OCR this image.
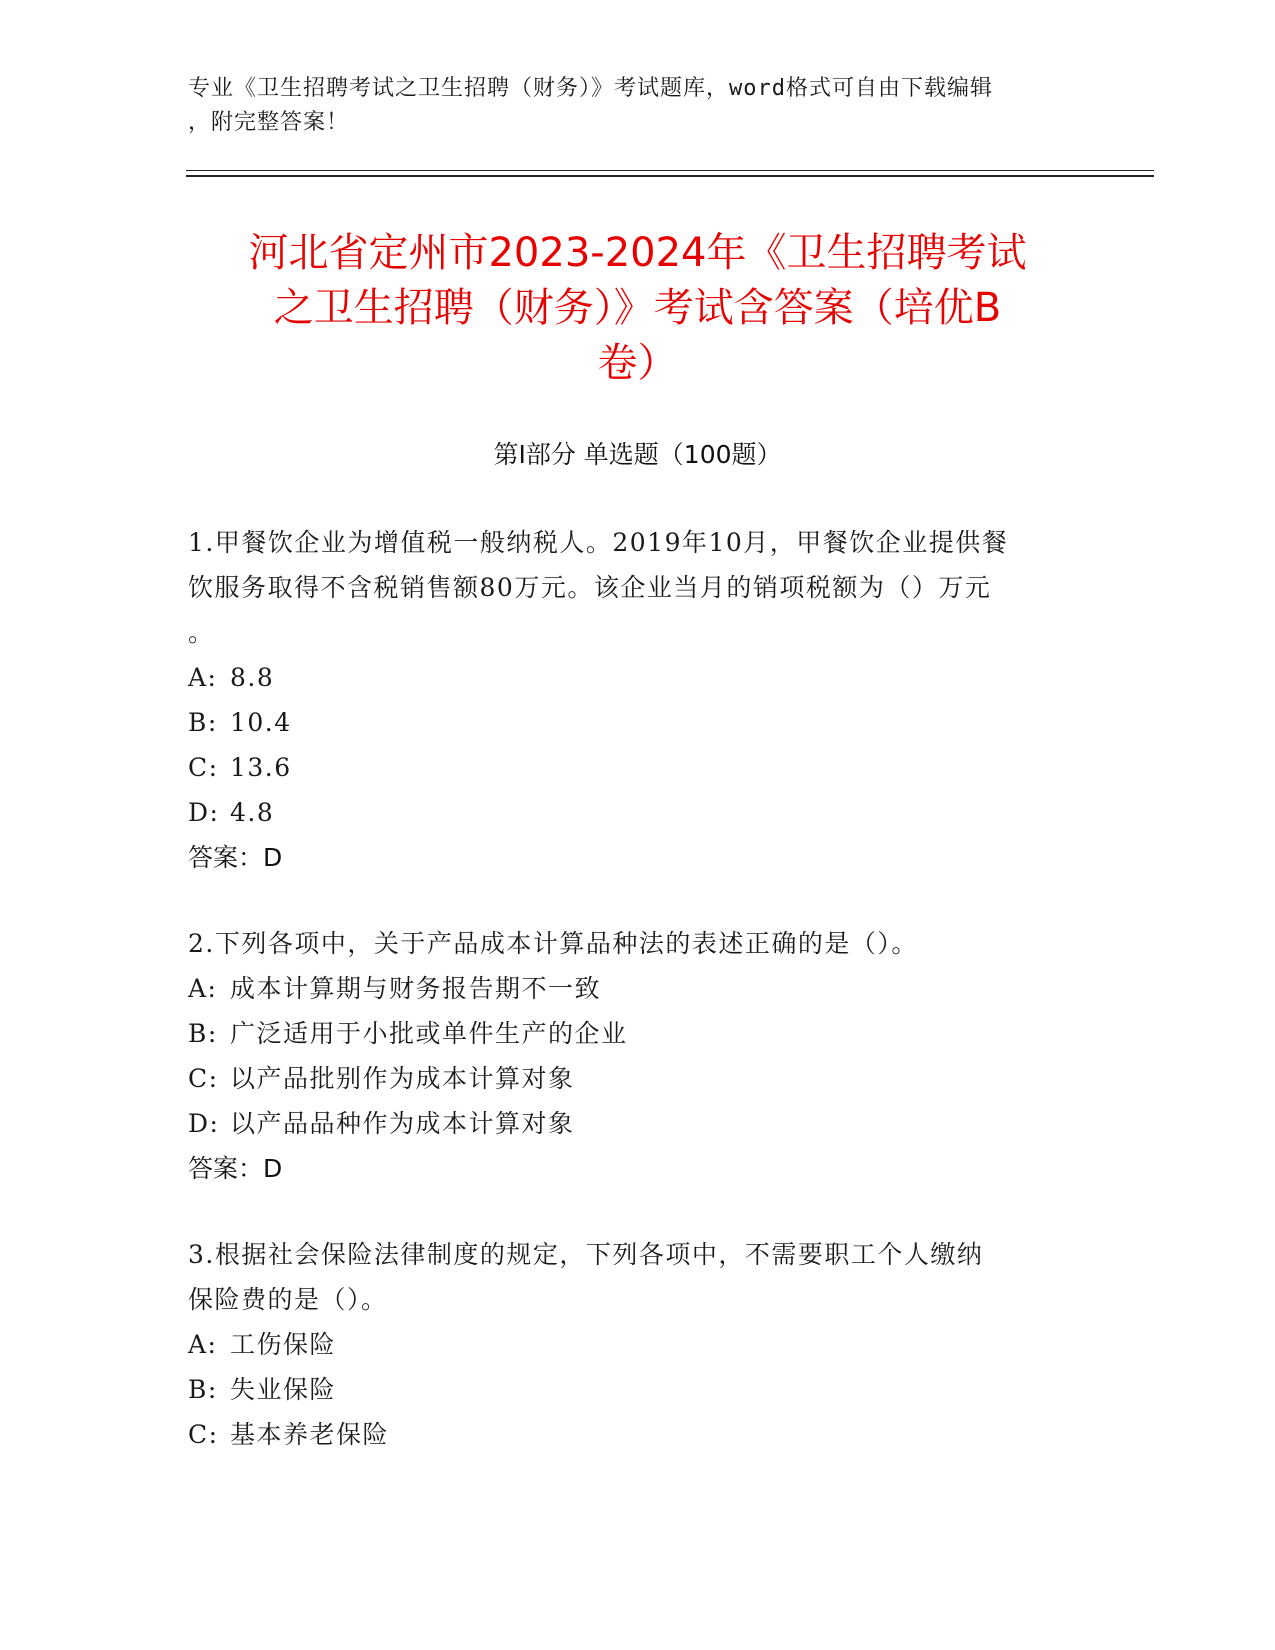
专业《卫生招聘考试之卫生招聘（财务）》考试题库，word格式可自由下载编辑
，附完整答案！
河北省定州市2023-2024年《卫生招聘考试
之卫生招聘（财务）》考试含答案（培优B
卷）
第Ⅰ部分 单选题（100题）
1.甲餐饮企业为增值税一般纳税人。2019年10月，甲餐饮企业提供餐
饮服务取得不含税销售额80万元。该企业当月的销项税额为（）万元
。
A: 8.8
B: 10.4
C: 13.6
D: 4.8
答案：D
2.下列各项中，关于产品成本计算品种法的表述正确的是（）。
A: 成本计算期与财务报告期不一致
B: 广泛适用于小批或单件生产的企业
C: 以产品批别作为成本计算对象
D: 以产品品种作为成本计算对象
答案：D
3.根据社会保险法律制度的规定，下列各项中，不需要职工个人缴纳
保险费的是（）。
A: 工伤保险
B: 失业保险
C: 基本养老保险
